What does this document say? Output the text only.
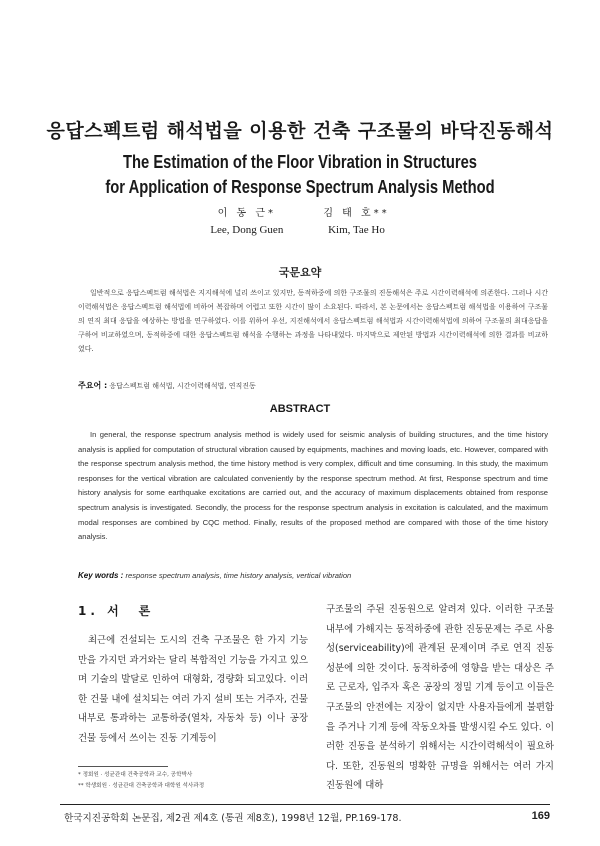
응답스펙트럼 해석법을 이용한 건축 구조물의 바닥진동해석
The Estimation of the Floor Vibration in Structures
for Application of Response Spectrum Analysis Method
이 동 근*
Lee, Dong Guen
김 태 호**
Kim, Tae Ho
국문요약
일반적으로 응답스펙트럼 해석법은 지지해석에 널리 쓰이고 있지만, 동적하중에 의한 구조물의 진동해석은 주로 시간이력해석에 의존한다. 그러나 시간이력해석법은 응답스펙트럼 해석법에 비하여 복잡하며 어렵고 또한 시간이 많이 소요된다. 따라서, 본 논문에서는 응답스펙트럼 해석법을 이용하여 구조물의 연직 최대 응답을 예상하는 방법을 연구하였다. 이를 위하여 우선, 지진해석에서 응답스펙트럼 해석법과 시간이력해석법에 의하여 구조물의 최대응답을 구하여 비교하였으며, 동적하중에 대한 응답스펙트럼 해석을 수행하는 과정을 나타내었다. 마지막으로 제안된 방법과 시간이력해석에 의한 결과를 비교하였다.
주요어 : 응답스펙트럼 해석법, 시간이력해석법, 연직진동
ABSTRACT
In general, the response spectrum analysis method is widely used for seismic analysis of building structures, and the time history analysis is applied for computation of structural vibration caused by equipments, machines and moving loads, etc. However, compared with the response spectrum analysis method, the time history method is very complex, difficult and time consuming. In this study, the maximum responses for the vertical vibration are calculated conveniently by the response spectrum method. At first, Response spectrum and time history analysis for some earthquake excitations are carried out, and the accuracy of maximum displacements obtained from response spectrum analysis is investigated. Secondly, the process for the response spectrum analysis in excitation is calculated, and the maximum modal responses are combined by CQC method. Finally, results of the proposed method are compared with those of the time history analysis.
Key words : response spectrum analysis, time history analysis, vertical vibration
1. 서　론
최근에 건설되는 도시의 건축 구조물은 한 가지 기능만을 가지던 과거와는 달리 복합적인 기능을 가지고 있으며 기술의 발달로 인하여 대형화, 경량화 되고있다. 이러한 건물 내에 설치되는 여러 가지 설비 또는 거주자, 건물 내부로 통과하는 교통하중(열차, 자동차 등) 이나 공장 건물 등에서 쓰이는 진동 기계등이
구조물의 주된 진동원으로 알려져 있다. 이러한 구조물 내부에 가해지는 동적하중에 관한 진동문제는 주로 사용성(serviceability)에 관계된 문제이며 주로 연직 진동 성분에 의한 것이다. 동적하중에 영향을 받는 대상은 주로 근로자, 입주자 혹은 공장의 정밀 기계 등이고 이들은 구조물의 안전에는 지장이 없지만 사용자들에게 불편함을 주거나 기계 등에 작동오차를 발생시킬 수도 있다. 이러한 진동을 분석하기 위해서는 시간이력해석이 필요하다. 또한, 진동원의 명확한 규명을 위해서는 여러 가지 진동원에 대하
* 정회원 · 성균관대 건축공학과 교수, 공학박사
** 학생회원 · 성균관대 건축공학과 대학원 석사과정
한국지진공학회 논문집, 제2권 제4호 (통권 제8호), 1998년 12월, PP.169-178.	169
